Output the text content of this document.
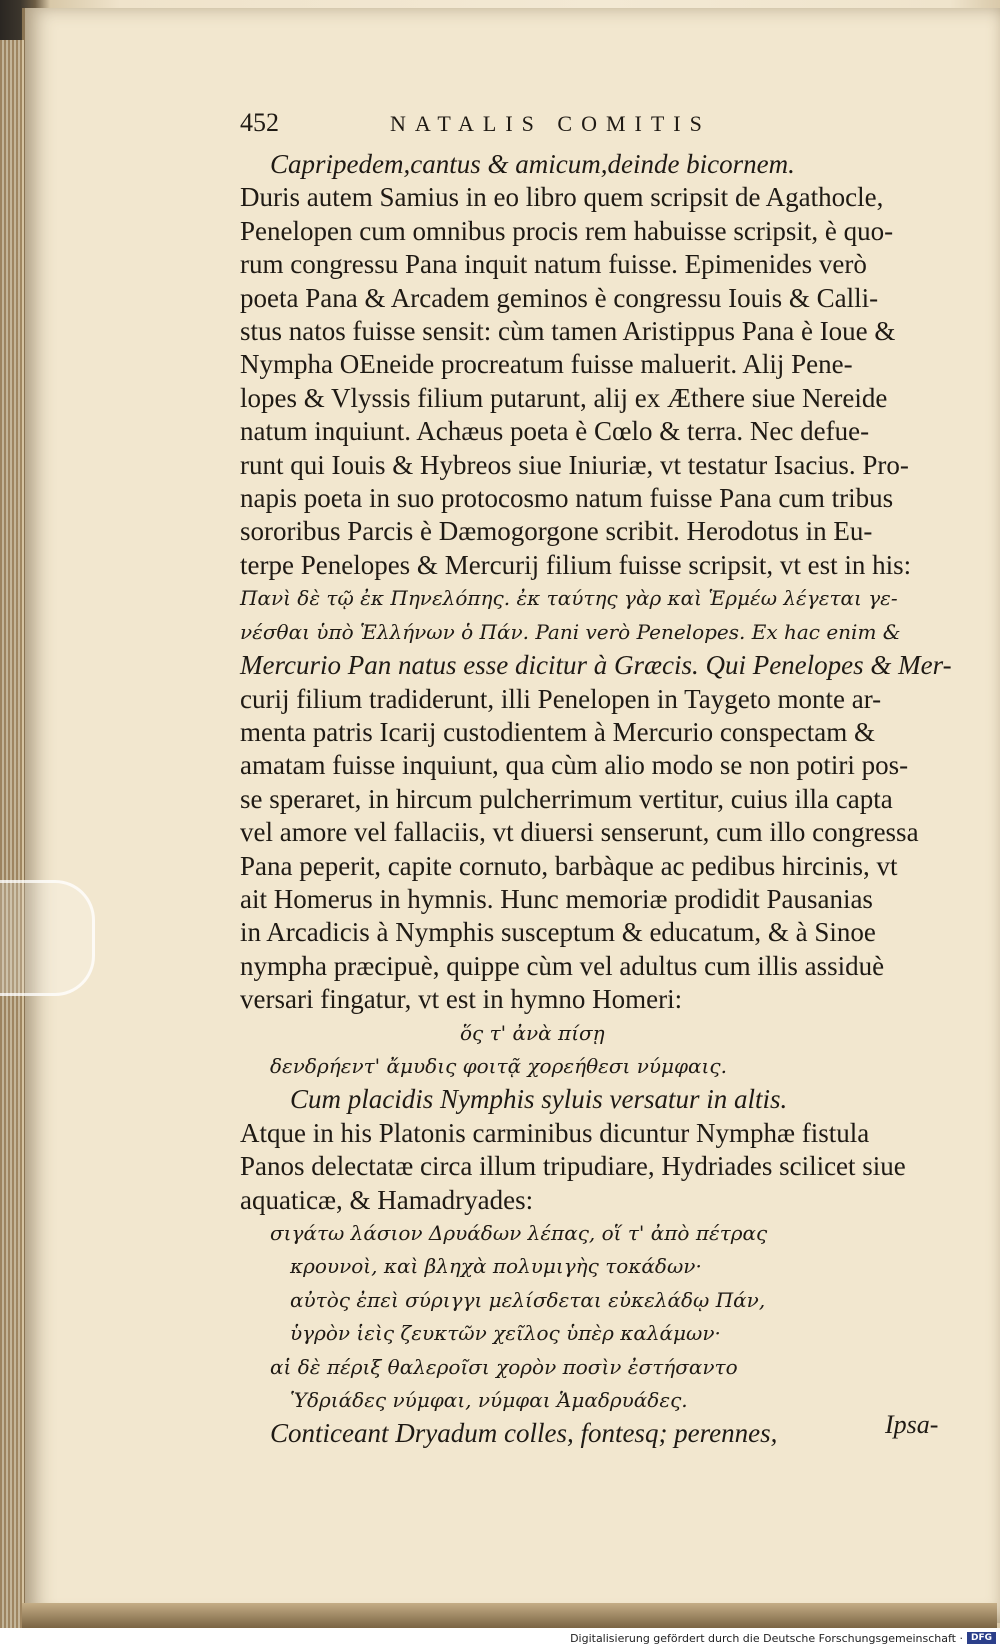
452	NATALIS COMITIS
Capripedem,cantus & amicum,deinde bicornem.
Duris autem Samius in eo libro quem scripsit de Agathocle,
Penelopen cum omnibus procis rem habuisse scripsit, è quo-
rum congressu Pana inquit natum fuisse. Epimenides verò
poeta Pana & Arcadem geminos è congressu Iouis & Calli-
stus natos fuisse sensit: cùm tamen Aristippus Pana è Ioue &
Nympha OEneide procreatum fuisse maluerit. Alij Pene-
lopes & Vlyssis filium putarunt, alij ex Æthere siue Nereide
natum inquiunt. Achæus poeta è Cœlo & terra. Nec defue-
runt qui Iouis & Hybreos siue Iniuriæ, vt testatur Isacius. Pro-
napis poeta in suo protocosmo natum fuisse Pana cum tribus
sororibus Parcis è Dæmogorgone scribit. Herodotus in Eu-
terpe Penelopes & Mercurij filium fuisse scripsit, vt est in his:
Πανὶ δὲ τῷ ἐκ Πηνελόπης. ἐκ ταύτης γὰρ καὶ Ἑρμέω λέγεται γε-
νέσθαι ὑπὸ Ἑλλήνων ὁ Πάν. Pani verò Penelopes. Ex hac enim &
Mercurio Pan natus esse dicitur à Græcis. Qui Penelopes & Mer-
curij filium tradiderunt, illi Penelopen in Taygeto monte ar-
menta patris Icarij custodientem à Mercurio conspectam &
amatam fuisse inquiunt, qua cùm alio modo se non potiri pos-
se speraret, in hircum pulcherrimum vertitur, cuius illa capta
vel amore vel fallaciis, vt diuersi senserunt, cum illo congressa
Pana peperit, capite cornuto, barbàque ac pedibus hircinis, vt
ait Homerus in hymnis. Hunc memoriæ prodidit Pausanias
in Arcadicis à Nymphis susceptum & educatum, & à Sinoe
nympha præcipuè, quippe cùm vel adultus cum illis assiduè
versari fingatur, vt est in hymno Homeri:
ὅς τ' ἀνὰ πίσῃ
δενδρήεντ' ἄμυδις φοιτᾷ χορεήθεσι νύμφαις.
Cum placidis Nymphis syluis versatur in altis.
Atque in his Platonis carminibus dicuntur Nymphæ fistula
Panos delectatæ circa illum tripudiare, Hydriades scilicet siue
aquaticæ, & Hamadryades:
σιγάτω λάσιον Δρυάδων λέπας, οἵ τ' ἀπὸ πέτρας
κρουνοὶ, καὶ βληχὰ πολυμιγὴς τοκάδων·
αὐτὸς ἐπεὶ σύριγγι μελίσδεται εὐκελάδῳ Πάν,
ὑγρὸν ἱεὶς ζευκτῶν χεῖλος ὑπὲρ καλάμων·
αἱ δὲ πέριξ θαλεροῖσι χορὸν ποσὶν ἐστήσαντο
Ὑδριάδες νύμφαι, νύμφαι Ἁμαδρυάδες.
Conticeant Dryadum colles, fontesq; perennes,	Ipsa-
Digitalisierung gefördert durch die Deutsche Forschungsgemeinschaft · DFG
